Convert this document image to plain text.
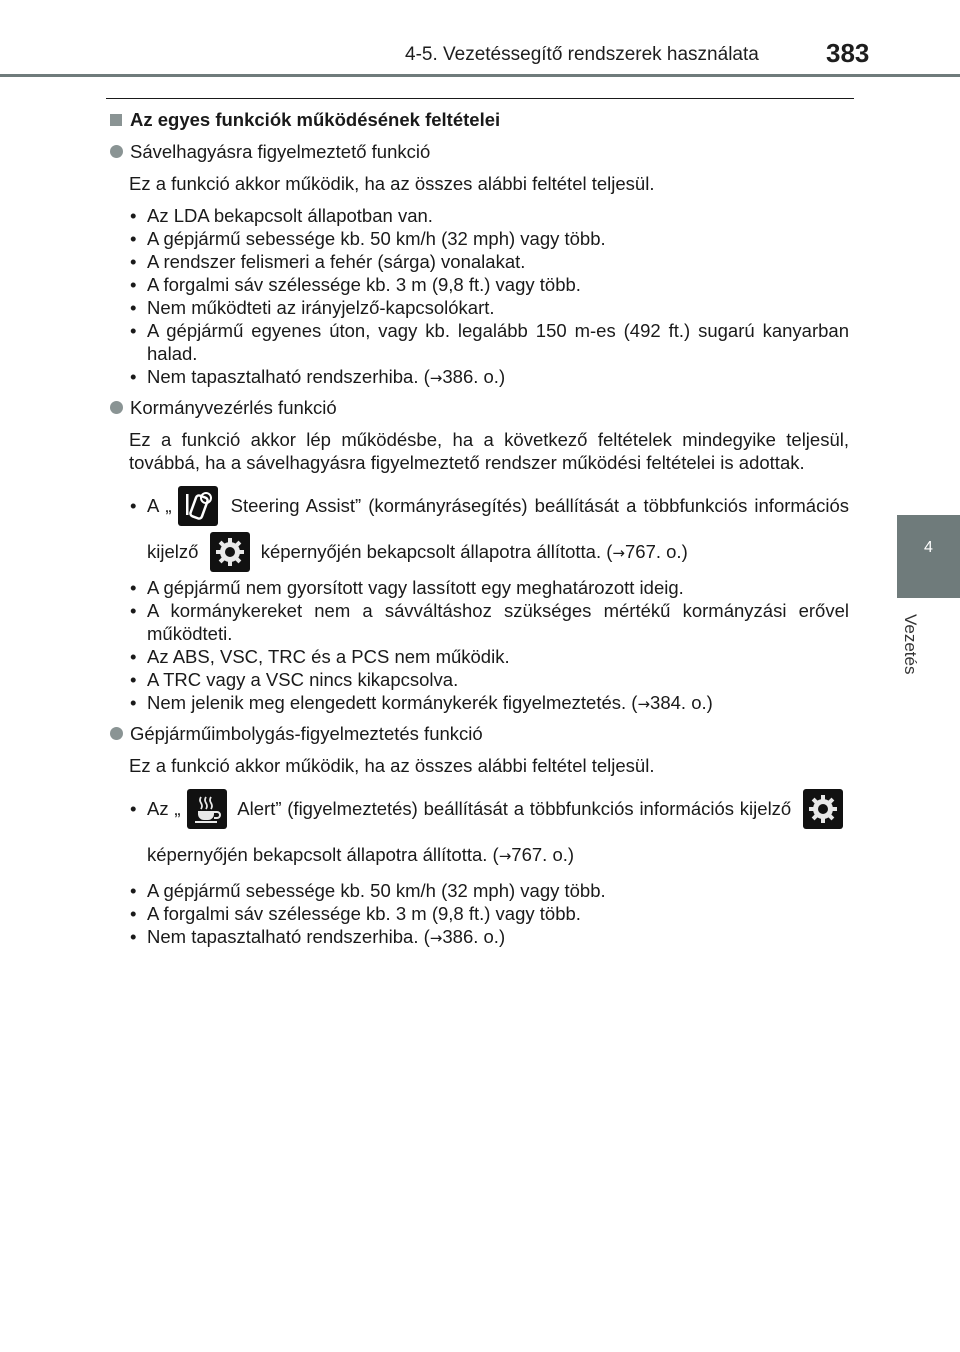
4-5. Vezetéssegítő rendszerek használata	383
4
Vezetés
Az egyes funkciók működésének feltételei
Sávelhagyásra figyelmeztető funkció
Ez a funkció akkor működik, ha az összes alábbi feltétel teljesül.
• Az LDA bekapcsolt állapotban van.
• A gépjármű sebessége kb. 50 km/h (32 mph) vagy több.
• A rendszer felismeri a fehér (sárga) vonalakat.
• A forgalmi sáv szélessége kb. 3 m (9,8 ft.) vagy több.
• Nem működteti az irányjelző-kapcsolókart.
• A gépjármű egyenes úton, vagy kb. legalább 150 m-es (492 ft.) sugarú kanyarban halad.
• Nem tapasztalható rendszerhiba. (→386. o.)
Kormányvezérlés funkció
Ez a funkció akkor lép működésbe, ha a következő feltételek mindegyike teljesül, továbbá, ha a sávelhagyásra figyelmeztető rendszer működési feltételei is adottak.
• A „	Steering Assist” (kormányrásegítés) beállítását a többfunkciós információs kijelző	képernyőjén bekapcsolt állapotra állította. (→767. o.)
• A gépjármű nem gyorsított vagy lassított egy meghatározott ideig.
• A kormánykereket nem a sávváltáshoz szükséges mértékű kormányzási erővel működteti.
• Az ABS, VSC, TRC és a PCS nem működik.
• A TRC vagy a VSC nincs kikapcsolva.
• Nem jelenik meg elengedett kormánykerék figyelmeztetés. (→384. o.)
Gépjárműimbolygás-figyelmeztetés funkció
Ez a funkció akkor működik, ha az összes alábbi feltétel teljesül.
• Az „	Alert” (figyelmeztetés) beállítását a többfunkciós információs kijelző
képernyőjén bekapcsolt állapotra állította. (→767. o.)
• A gépjármű sebessége kb. 50 km/h (32 mph) vagy több.
• A forgalmi sáv szélessége kb. 3 m (9,8 ft.) vagy több.
• Nem tapasztalható rendszerhiba. (→386. o.)
